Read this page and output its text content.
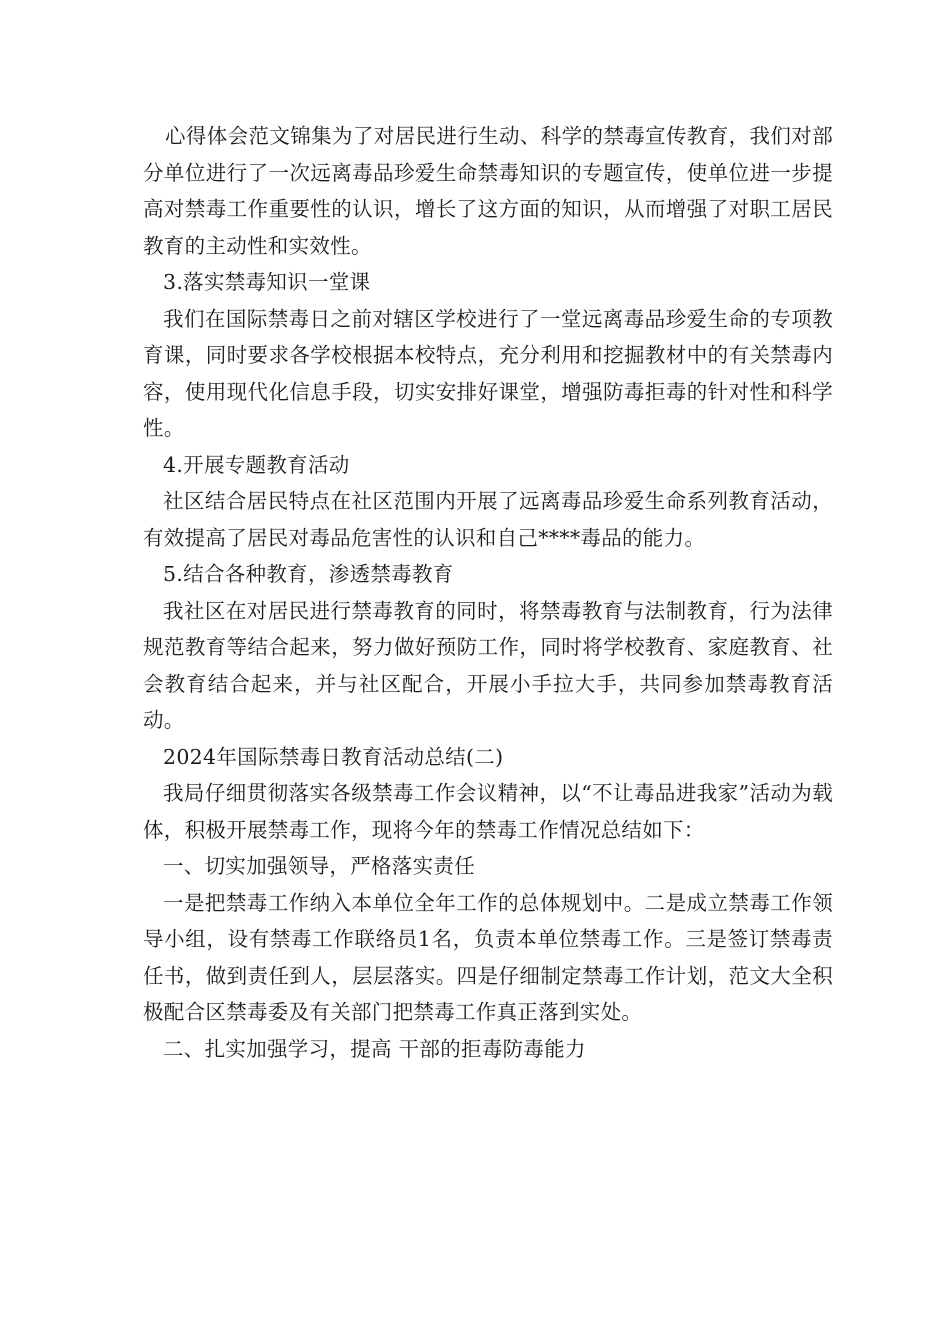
心得体会范文锦集为了对居民进行生动、科学的禁毒宣传教育，我们对部分单位进行了一次远离毒品珍爱生命禁毒知识的专题宣传，使单位进一步提高对禁毒工作重要性的认识，增长了这方面的知识，从而增强了对职工居民教育的主动性和实效性。

3.落实禁毒知识一堂课

我们在国际禁毒日之前对辖区学校进行了一堂远离毒品珍爱生命的专项教育课，同时要求各学校根据本校特点，充分利用和挖掘教材中的有关禁毒内容，使用现代化信息手段，切实安排好课堂，增强防毒拒毒的针对性和科学性。

4.开展专题教育活动

社区结合居民特点在社区范围内开展了远离毒品珍爱生命系列教育活动，有效提高了居民对毒品危害性的认识和自己****毒品的能力。

5.结合各种教育，渗透禁毒教育

我社区在对居民进行禁毒教育的同时，将禁毒教育与法制教育，行为法律规范教育等结合起来，努力做好预防工作，同时将学校教育、家庭教育、社会教育结合起来，并与社区配合，开展小手拉大手，共同参加禁毒教育活动。

2024年国际禁毒日教育活动总结(二)

我局仔细贯彻落实各级禁毒工作会议精神，以“不让毒品进我家”活动为载体，积极开展禁毒工作，现将今年的禁毒工作情况总结如下：

一、切实加强领导，严格落实责任

一是把禁毒工作纳入本单位全年工作的总体规划中。二是成立禁毒工作领导小组，设有禁毒工作联络员1名，负责本单位禁毒工作。三是签订禁毒责任书，做到责任到人，层层落实。四是仔细制定禁毒工作计划，范文大全积极配合区禁毒委及有关部门把禁毒工作真正落到实处。

二、扎实加强学习，提高 干部的拒毒防毒能力
